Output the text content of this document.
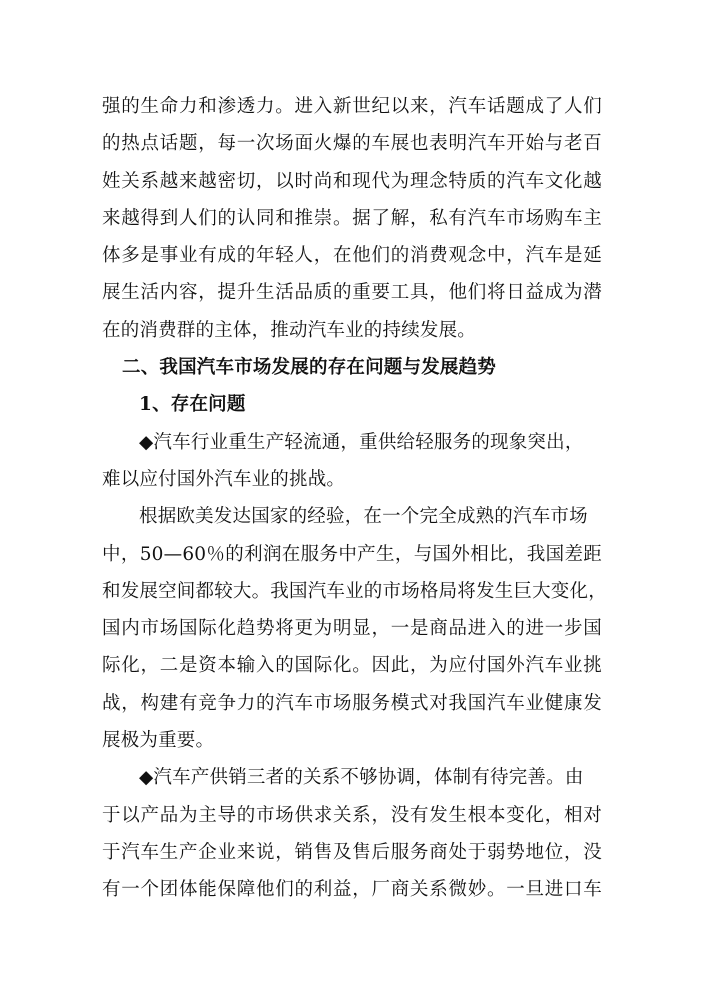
强的生命力和渗透力。进入新世纪以来，汽车话题成了人们
的热点话题，每一次场面火爆的车展也表明汽车开始与老百
姓关系越来越密切，以时尚和现代为理念特质的汽车文化越
来越得到人们的认同和推崇。据了解，私有汽车市场购车主
体多是事业有成的年轻人，在他们的消费观念中，汽车是延
展生活内容，提升生活品质的重要工具，他们将日益成为潜
在的消费群的主体，推动汽车业的持续发展。
二、我国汽车市场发展的存在问题与发展趋势
1、存在问题
◆汽车行业重生产轻流通，重供给轻服务的现象突出，
难以应付国外汽车业的挑战。
根据欧美发达国家的经验，在一个完全成熟的汽车市场
中，50—60％的利润在服务中产生，与国外相比，我国差距
和发展空间都较大。我国汽车业的市场格局将发生巨大变化，
国内市场国际化趋势将更为明显，一是商品进入的进一步国
际化，二是资本输入的国际化。因此，为应付国外汽车业挑
战，构建有竞争力的汽车市场服务模式对我国汽车业健康发
展极为重要。
◆汽车产供销三者的关系不够协调，体制有待完善。由
于以产品为主导的市场供求关系，没有发生根本变化，相对
于汽车生产企业来说，销售及售后服务商处于弱势地位，没
有一个团体能保障他们的利益，厂商关系微妙。一旦进口车
